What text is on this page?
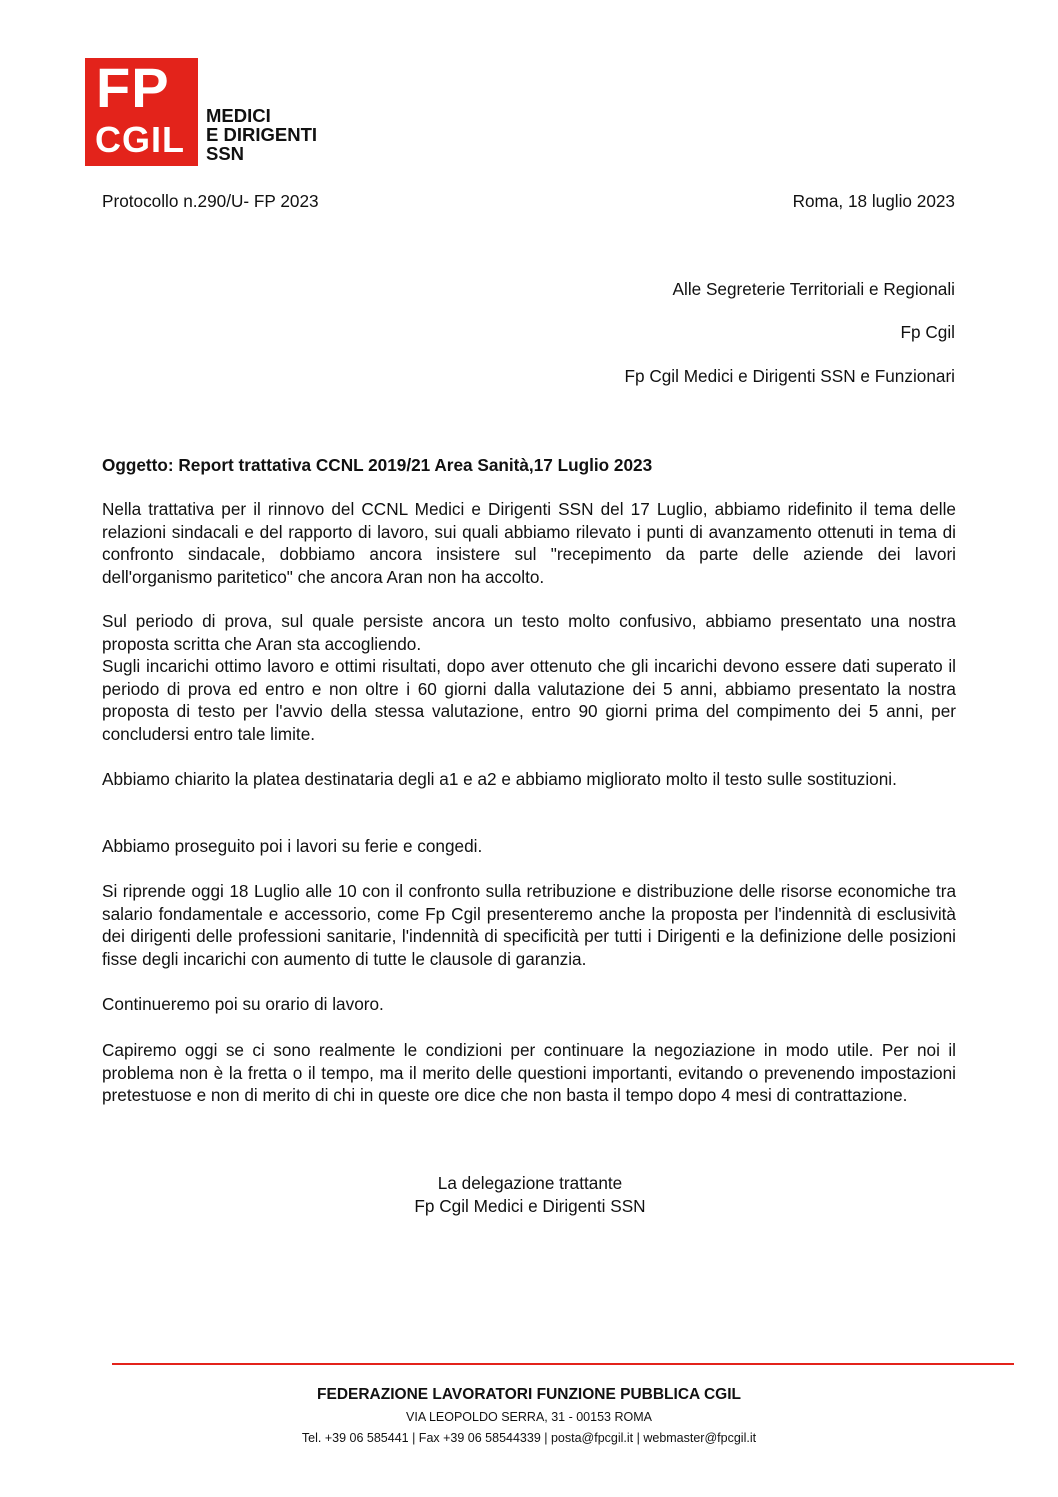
FP
CGIL
MEDICI
E DIRIGENTI
SSN
Protocollo n.290/U- FP 2023	Roma, 18 luglio 2023
Alle Segreterie Territoriali e Regionali
Fp Cgil
Fp Cgil Medici e Dirigenti SSN e Funzionari
Oggetto: Report trattativa CCNL 2019/21 Area Sanità,17 Luglio 2023

Nella trattativa per il rinnovo del CCNL Medici e Dirigenti SSN del 17 Luglio, abbiamo ridefinito il tema delle relazioni sindacali e del rapporto di lavoro, sui quali abbiamo rilevato i punti di avanzamento ottenuti in tema di confronto sindacale, dobbiamo ancora insistere sul "recepimento da parte delle aziende dei lavori dell'organismo paritetico" che ancora Aran non ha accolto.

Sul periodo di prova, sul quale persiste ancora un testo molto confusivo, abbiamo presentato una nostra proposta scritta che Aran sta accogliendo.

Sugli incarichi ottimo lavoro e ottimi risultati, dopo aver ottenuto che gli incarichi devono essere dati superato il periodo di prova ed entro e non oltre i 60 giorni dalla valutazione dei 5 anni, abbiamo presentato la nostra proposta di testo per l'avvio della stessa valutazione, entro 90 giorni prima del compimento dei 5 anni, per concludersi entro tale limite.

Abbiamo chiarito la platea destinataria degli a1 e a2 e abbiamo migliorato molto il testo sulle sostituzioni.

Abbiamo proseguito poi i lavori su ferie e congedi.

Si riprende oggi 18 Luglio alle 10 con il confronto sulla retribuzione e distribuzione delle risorse economiche tra salario fondamentale e accessorio, come Fp Cgil presenteremo anche la proposta per l'indennità di esclusività dei dirigenti delle professioni sanitarie, l'indennità di specificità per tutti i Dirigenti e la definizione delle posizioni fisse degli incarichi con aumento di tutte le clausole di garanzia.

Continueremo poi su orario di lavoro.

Capiremo oggi se ci sono realmente le condizioni per continuare la negoziazione in modo utile. Per noi il problema non è la fretta o il tempo, ma il merito delle questioni importanti, evitando o prevenendo impostazioni pretestuose e non di merito di chi in queste ore dice che non basta il tempo dopo 4 mesi di contrattazione.

La delegazione trattante
Fp Cgil Medici e Dirigenti SSN
FEDERAZIONE LAVORATORI FUNZIONE PUBBLICA CGIL
VIA LEOPOLDO SERRA, 31 - 00153 ROMA
Tel. +39 06 585441 | Fax +39 06 58544339 | posta@fpcgil.it | webmaster@fpcgil.it
